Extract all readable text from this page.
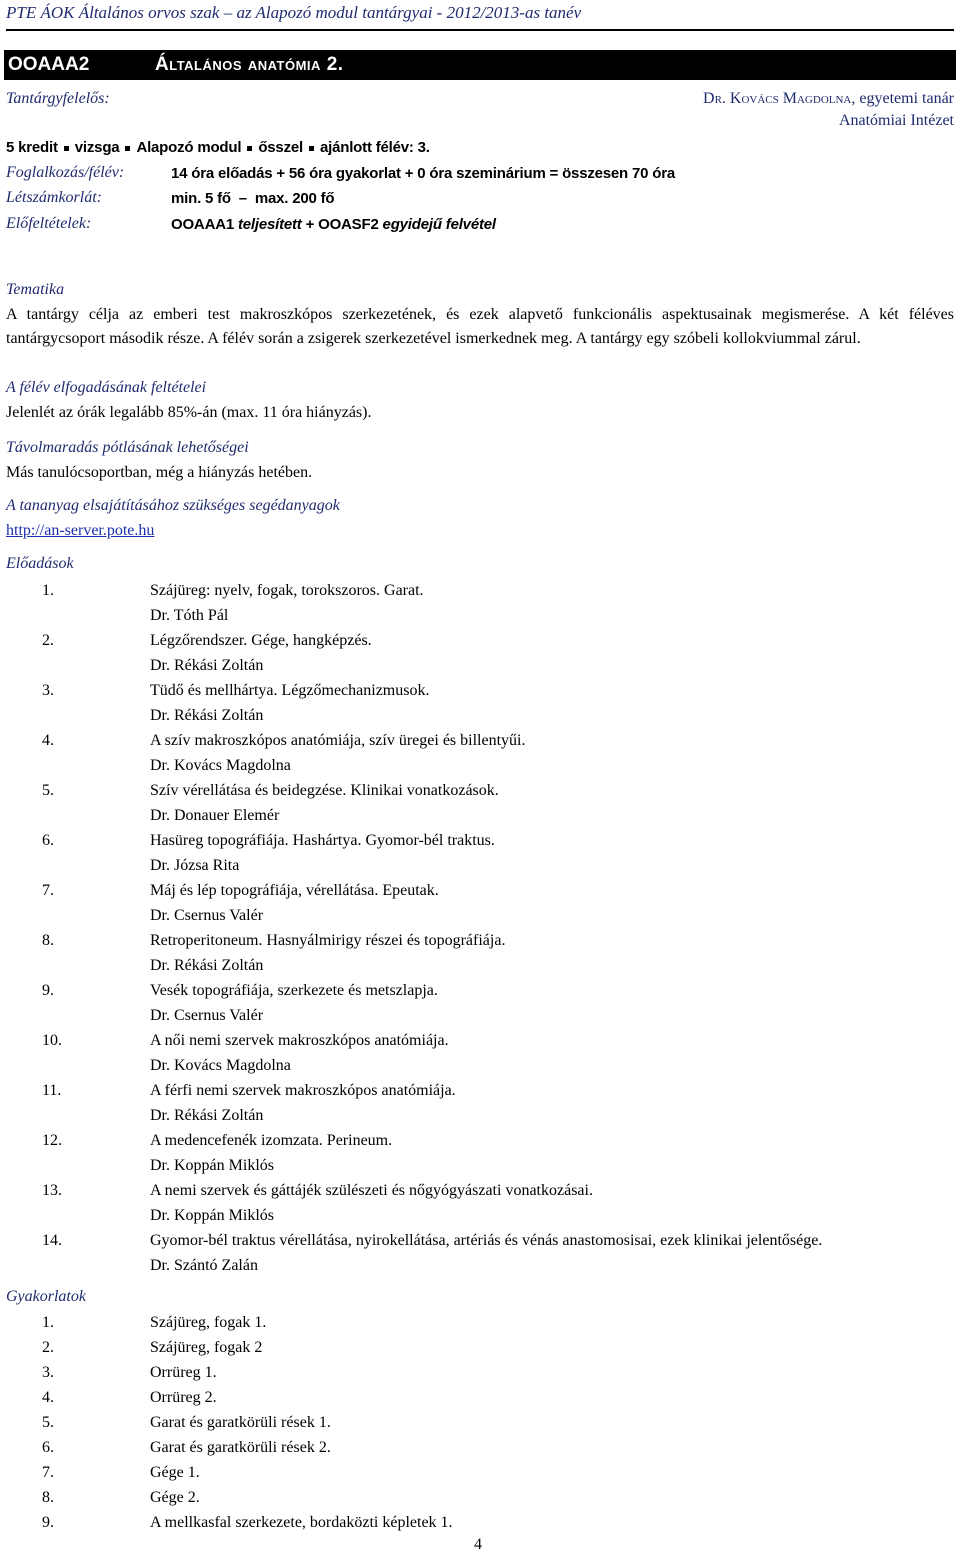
PTE ÁOK Általános orvos szak – az Alapozó modul tantárgyai - 2012/2013-as tanév
OOAAA2	Általános anatómia 2.
Tantárgyfelelős:	Dr. Kovács Magdolna, egyetemi tanár
Anatómiai Intézet
5 kredit vizsga Alapozó modul ősszel ajánlott félév: 3.
Foglalkozás/félév:	14 óra előadás + 56 óra gyakorlat + 0 óra szeminárium = összesen 70 óra
Létszámkorlát:	min. 5 fő  –  max. 200 fő
Előfeltételek:	OOAAA1 teljesített + OOASF2 egyidejű felvétel
Tematika
A tantárgy célja az emberi test makroszkópos szerkezetének, és ezek alapvető funkcionális aspektusainak megismerése. A két féléves tantárgycsoport második része. A félév során a zsigerek szerkezetével ismerkednek meg. A tantárgy egy szóbeli kollokviummal zárul.
A félév elfogadásának feltételei
Jelenlét az órák legalább 85%-án (max. 11 óra hiányzás).
Távolmaradás pótlásának lehetőségei
Más tanulócsoportban, még a hiányzás hetében.
A tananyag elsajátításához szükséges segédanyagok
http://an-server.pote.hu
Előadások
1.	Szájüreg: nyelv, fogak, torokszoros. Garat.
Dr. Tóth Pál
2.	Légzőrendszer. Gége, hangképzés.
Dr. Rékási Zoltán
3.	Tüdő és mellhártya. Légzőmechanizmusok.
Dr. Rékási Zoltán
4.	A szív makroszkópos anatómiája, szív üregei és billentyűi.
Dr. Kovács Magdolna
5.	Szív vérellátása és beidegzése. Klinikai vonatkozások.
Dr. Donauer Elemér
6.	Hasüreg topográfiája. Hashártya. Gyomor-bél traktus.
Dr. Józsa Rita
7.	Máj és lép topográfiája, vérellátása. Epeutak.
Dr. Csernus Valér
8.	Retroperitoneum. Hasnyálmirigy részei és topográfiája.
Dr. Rékási Zoltán
9.	Vesék topográfiája, szerkezete és metszlapja.
Dr. Csernus Valér
10.	A női nemi szervek makroszkópos anatómiája.
Dr. Kovács Magdolna
11.	A férfi nemi szervek makroszkópos anatómiája.
Dr. Rékási Zoltán
12.	A medencefenék izomzata. Perineum.
Dr. Koppán Miklós
13.	A nemi szervek és gáttájék szülészeti és nőgyógyászati vonatkozásai.
Dr. Koppán Miklós
14.	Gyomor-bél traktus vérellátása, nyirokellátása, artériás és vénás anastomosisai, ezek klinikai jelentősége.
Dr. Szántó Zalán
Gyakorlatok
1.	Szájüreg, fogak 1.
2.	Szájüreg, fogak 2
3.	Orrüreg 1.
4.	Orrüreg 2.
5.	Garat és garatkörüli rések 1.
6.	Garat és garatkörüli rések 2.
7.	Gége 1.
8.	Gége 2.
9.	A mellkasfal szerkezete, bordaközti képletek 1.
4
